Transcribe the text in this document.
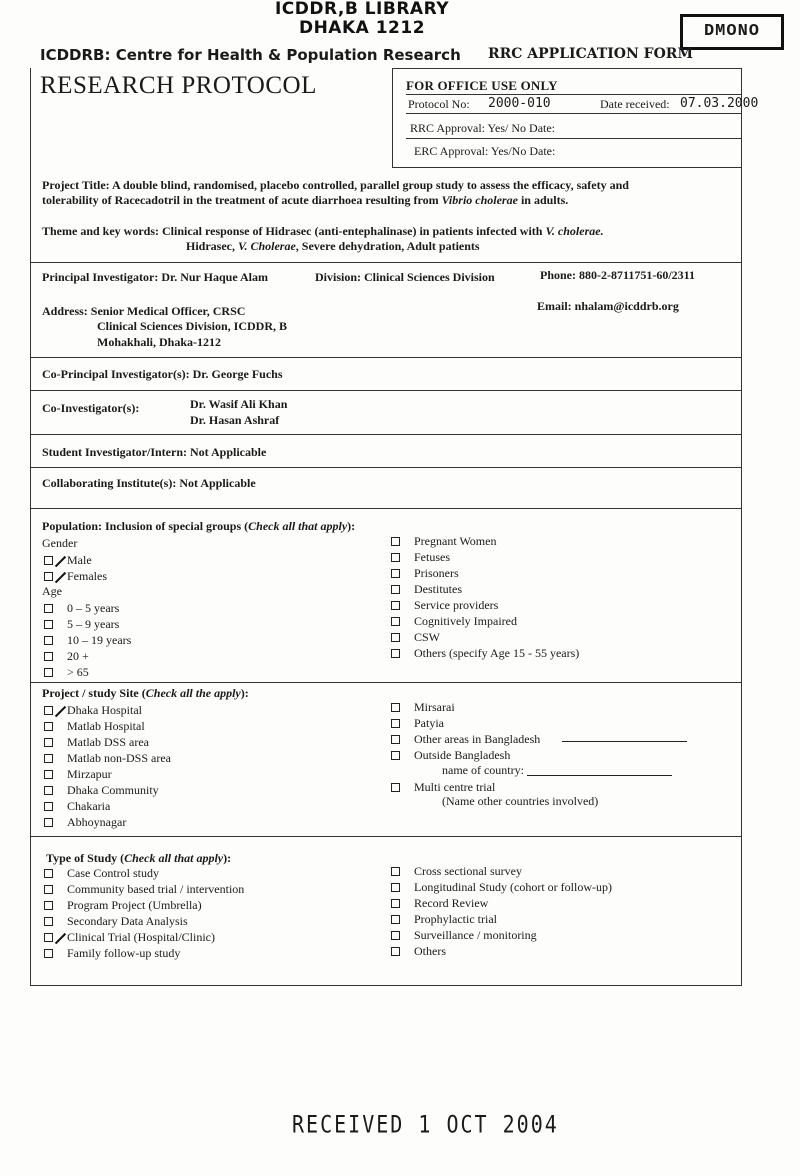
ICDDR,B LIBRARY
DHAKA 1212	DMONO
ICDDRB: Centre for Health & Population Research RRC APPLICATION FORM
RESEARCH PROTOCOL	FOR OFFICE USE ONLY
Protocol No: 2000-010	Date received: 07.03.2000
RRC Approval: Yes/ No Date:
ERC Approval: Yes/No Date:
Project Title: A double blind, randomised, placebo controlled, parallel group study to assess the efficacy, safety and
tolerability of Racecadotril in the treatment of acute diarrhoea resulting from Vibrio cholerae in adults.
Theme and key words: Clinical response of Hidrasec (anti-entephalinase) in patients infected with V. cholerae.
Hidrasec, V. Cholerae, Severe dehydration, Adult patients
Principal Investigator: Dr. Nur Haque Alam	Division: Clinical Sciences Division	Phone: 880-2-8711751-60/2311
Address: Senior Medical Officer, CRSC	Email: nhalam@icddrb.org
Clinical Sciences Division, ICDDR, B
Mohakhali, Dhaka-1212
Co-Principal Investigator(s): Dr. George Fuchs
Co-Investigator(s):	Dr. Wasif Ali Khan
Dr. Hasan Ashraf
Student Investigator/Intern: Not Applicable
Collaborating Institute(s): Not Applicable
Population: Inclusion of special groups (Check all that apply):
Gender
Age
Male
Females
0 – 5 years
5 – 9 years
10 – 19 years
20 +
> 65
Pregnant Women
Fetuses
Prisoners
Destitutes
Service providers
Cognitively Impaired
CSW
Others (specify Age 15 - 55 years)
Project / study Site (Check all the apply):
Dhaka Hospital
Matlab Hospital
Matlab DSS area
Matlab non-DSS area
Mirzapur
Dhaka Community
Chakaria
Abhoynagar
Mirsarai
Patyia
Other areas in Bangladesh
Outside Bangladesh
Multi centre trial
name of country:
(Name other countries involved)
Type of Study (Check all that apply):
Case Control study
Community based trial / intervention
Program Project (Umbrella)
Secondary Data Analysis
Clinical Trial (Hospital/Clinic)
Family follow-up study
Cross sectional survey
Longitudinal Study (cohort or follow-up)
Record Review
Prophylactic trial
Surveillance / monitoring
Others
RECEIVED 1 OCT 2004
